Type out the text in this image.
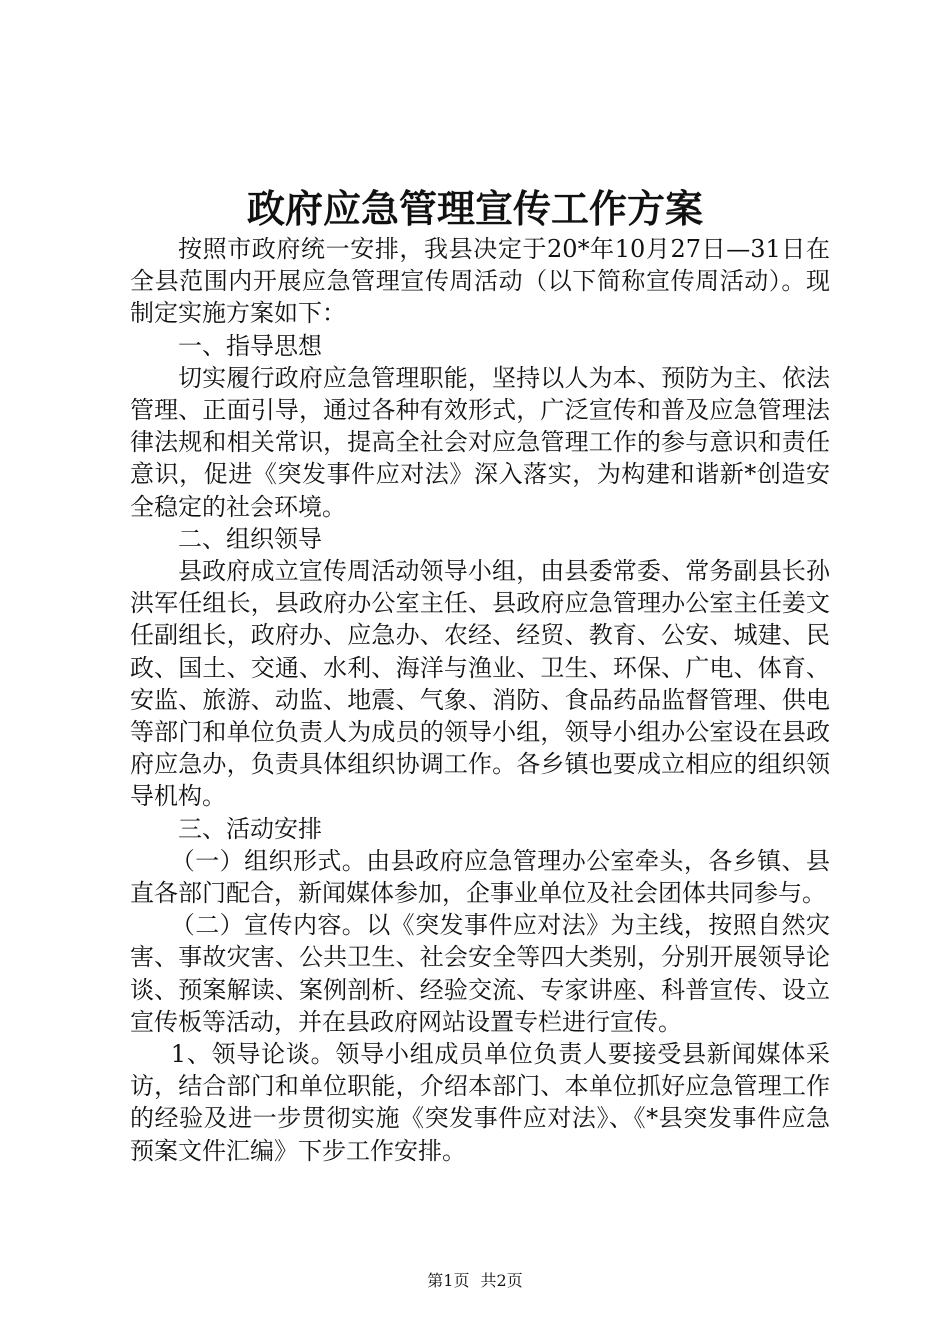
政府应急管理宣传工作方案

按照市政府统一安排，我县决定于20*年10月27日—31日在全县范围内开展应急管理宣传周活动（以下简称宣传周活动）。现制定实施方案如下：

一、指导思想

切实履行政府应急管理职能，坚持以人为本、预防为主、依法管理、正面引导，通过各种有效形式，广泛宣传和普及应急管理法律法规和相关常识，提高全社会对应急管理工作的参与意识和责任意识，促进《突发事件应对法》深入落实，为构建和谐新*创造安全稳定的社会环境。

二、组织领导

县政府成立宣传周活动领导小组，由县委常委、常务副县长孙洪军任组长，县政府办公室主任、县政府应急管理办公室主任姜文任副组长，政府办、应急办、农经、经贸、教育、公安、城建、民政、国土、交通、水利、海洋与渔业、卫生、环保、广电、体育、安监、旅游、动监、地震、气象、消防、食品药品监督管理、供电等部门和单位负责人为成员的领导小组，领导小组办公室设在县政府应急办，负责具体组织协调工作。各乡镇也要成立相应的组织领导机构。

三、活动安排

（一）组织形式。由县政府应急管理办公室牵头，各乡镇、县直各部门配合，新闻媒体参加，企事业单位及社会团体共同参与。

（二）宣传内容。以《突发事件应对法》为主线，按照自然灾害、事故灾害、公共卫生、社会安全等四大类别，分别开展领导论谈、预案解读、案例剖析、经验交流、专家讲座、科普宣传、设立宣传板等活动，并在县政府网站设置专栏进行宣传。

1、领导论谈。领导小组成员单位负责人要接受县新闻媒体采访，结合部门和单位职能，介绍本部门、本单位抓好应急管理工作的经验及进一步贯彻实施《突发事件应对法》、《*县突发事件应急预案文件汇编》下步工作安排。

第1页 共2页
